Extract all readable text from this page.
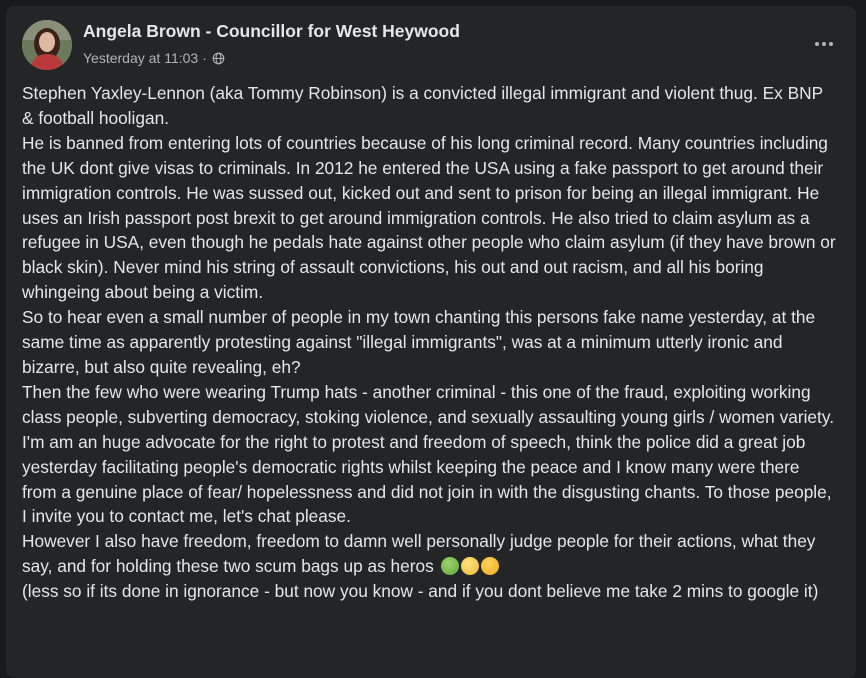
Angela Brown - Councillor for West Heywood
Yesterday at 11:03 ·

Stephen Yaxley-Lennon (aka Tommy Robinson) is a convicted illegal immigrant and violent thug. Ex BNP & football hooligan.

He is banned from entering lots of countries because of his long criminal record. Many countries including the UK dont give visas to criminals. In 2012 he entered the USA using a fake passport to get around their immigration controls. He was sussed out, kicked out and sent to prison for being an illegal immigrant. He uses an Irish passport post brexit to get around immigration controls. He also tried to claim asylum as a refugee in USA, even though he pedals hate against other people who claim asylum (if they have brown or black skin). Never mind his string of assault convictions, his out and out racism, and all his boring whingeing about being a victim.

So to hear even a small number of people in my town chanting this persons fake name yesterday, at the same time as apparently protesting against "illegal immigrants", was at a minimum utterly ironic and bizarre, but also quite revealing, eh?

Then the few who were wearing Trump hats - another criminal - this one of the fraud, exploiting working class people, subverting democracy, stoking violence, and sexually assaulting young girls / women variety.

I'm am an huge advocate for the right to protest and freedom of speech, think the police did a great job yesterday facilitating people's democratic rights whilst keeping the peace and I know many were there from a genuine place of fear/ hopelessness and did not join in with the disgusting chants. To those people, I invite you to contact me, let's chat please.

However I also have freedom, freedom to damn well personally judge people for their actions, what they say, and for holding these two scum bags up as heros

(less so if its done in ignorance - but now you know - and if you dont believe me take 2 mins to google it)
